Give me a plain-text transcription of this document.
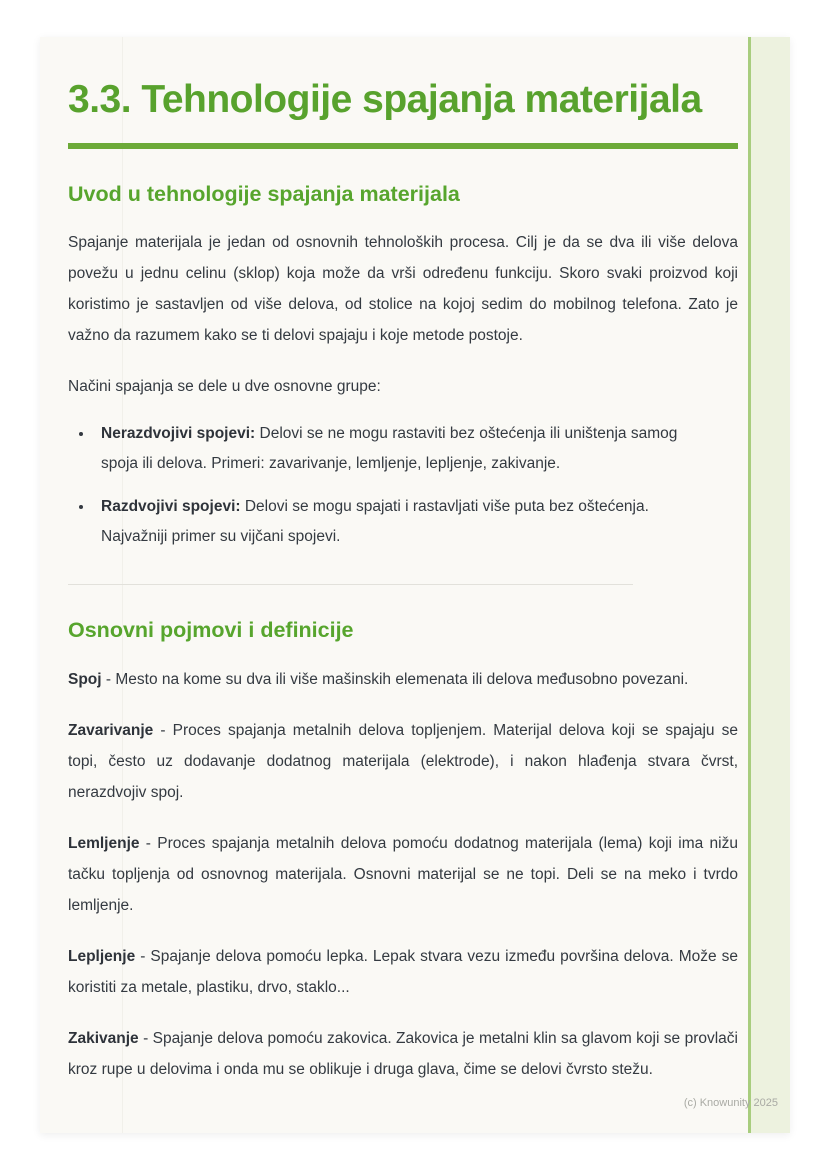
3.3. Tehnologije spajanja materijala
Uvod u tehnologije spajanja materijala

Spajanje materijala je jedan od osnovnih tehnoloških procesa. Cilj je da se dva ili više delova povežu u jednu celinu (sklop) koja može da vrši određenu funkciju. Skoro svaki proizvod koji koristimo je sastavljen od više delova, od stolice na kojoj sedim do mobilnog telefona. Zato je važno da razumem kako se ti delovi spajaju i koje metode postoje.

Načini spajanja se dele u dve osnovne grupe:

• Nerazdvojivi spojevi: Delovi se ne mogu rastaviti bez oštećenja ili uništenja samog spoja ili delova. Primeri: zavarivanje, lemljenje, lepljenje, zakivanje.
• Razdvojivi spojevi: Delovi se mogu spajati i rastavljati više puta bez oštećenja. Najvažniji primer su vijčani spojevi.
Osnovni pojmovi i definicije

Spoj - Mesto na kome su dva ili više mašinskih elemenata ili delova međusobno povezani.

Zavarivanje - Proces spajanja metalnih delova topljenjem. Materijal delova koji se spajaju se topi, često uz dodavanje dodatnog materijala (elektrode), i nakon hlađenja stvara čvrst, nerazdvojiv spoj.

Lemljenje - Proces spajanja metalnih delova pomoću dodatnog materijala (lema) koji ima nižu tačku topljenja od osnovnog materijala. Osnovni materijal se ne topi. Deli se na meko i tvrdo lemljenje.

Lepljenje - Spajanje delova pomoću lepka. Lepak stvara vezu između površina delova. Može se koristiti za metale, plastiku, drvo, staklo...

Zakivanje - Spajanje delova pomoću zakovica. Zakovica je metalni klin sa glavom koji se provlači kroz rupe u delovima i onda mu se oblikuje i druga glava, čime se delovi čvrsto stežu.

(c) Knowunity 2025
